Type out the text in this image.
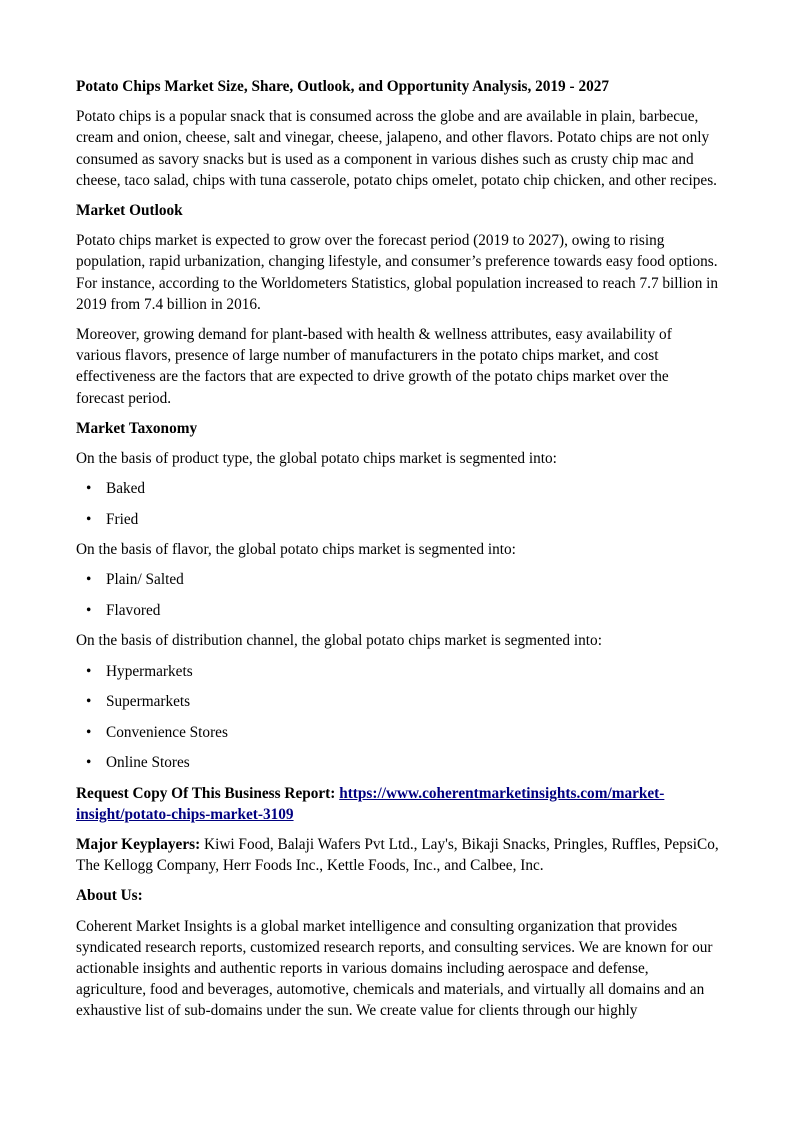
Potato Chips Market Size, Share, Outlook, and Opportunity Analysis, 2019 - 2027

Potato chips is a popular snack that is consumed across the globe and are available in plain, barbecue, cream and onion, cheese, salt and vinegar, cheese, jalapeno, and other flavors. Potato chips are not only consumed as savory snacks but is used as a component in various dishes such as crusty chip mac and cheese, taco salad, chips with tuna casserole, potato chips omelet, potato chip chicken, and other recipes.

Market Outlook

Potato chips market is expected to grow over the forecast period (2019 to 2027), owing to rising population, rapid urbanization, changing lifestyle, and consumer’s preference towards easy food options. For instance, according to the Worldometers Statistics, global population increased to reach 7.7 billion in 2019 from 7.4 billion in 2016.

Moreover, growing demand for plant-based with health & wellness attributes, easy availability of various flavors, presence of large number of manufacturers in the potato chips market, and cost effectiveness are the factors that are expected to drive growth of the potato chips market over the forecast period.

Market Taxonomy

On the basis of product type, the global potato chips market is segmented into:

• Baked
• Fried

On the basis of flavor, the global potato chips market is segmented into:

• Plain/ Salted
• Flavored

On the basis of distribution channel, the global potato chips market is segmented into:

• Hypermarkets
• Supermarkets
• Convenience Stores
• Online Stores

Request Copy Of This Business Report: https://www.coherentmarketinsights.com/market-insight/potato-chips-market-3109

Major Keyplayers: Kiwi Food, Balaji Wafers Pvt Ltd., Lay's, Bikaji Snacks, Pringles, Ruffles, PepsiCo, The Kellogg Company, Herr Foods Inc., Kettle Foods, Inc., and Calbee, Inc.

About Us:

Coherent Market Insights is a global market intelligence and consulting organization that provides syndicated research reports, customized research reports, and consulting services. We are known for our actionable insights and authentic reports in various domains including aerospace and defense, agriculture, food and beverages, automotive, chemicals and materials, and virtually all domains and an exhaustive list of sub-domains under the sun. We create value for clients through our highly
